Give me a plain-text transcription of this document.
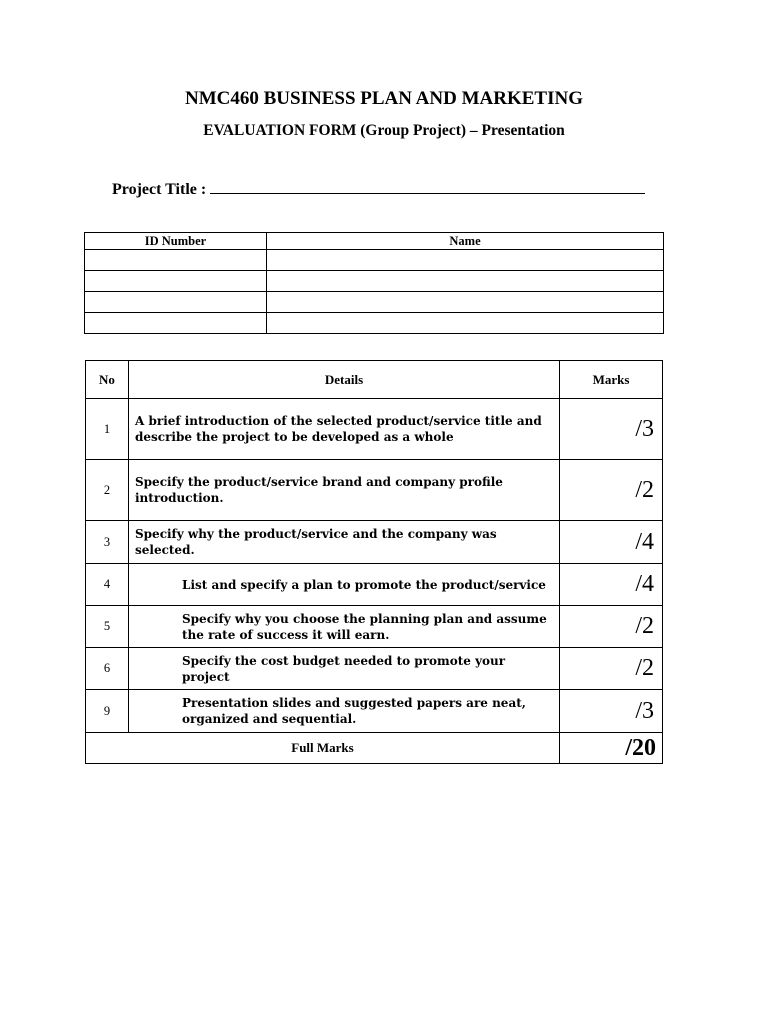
NMC460 BUSINESS PLAN AND MARKETING
EVALUATION FORM (Group Project) – Presentation
Project Title :
ID Number	Name

No	Details	Marks
1	A brief introduction of the selected product/service title and describe the project to be developed as a whole	/3
2	Specify the product/service brand and company profile introduction.	/2
3	Specify why the product/service and the company was selected.	/4
4	List and specify a plan to promote the product/service	/4
5	Specify why you choose the planning plan and assume the rate of success it will earn.	/2
6	Specify the cost budget needed to promote your project	/2
9	Presentation slides and suggested papers are neat, organized and sequential.	/3
Full Marks		/20
